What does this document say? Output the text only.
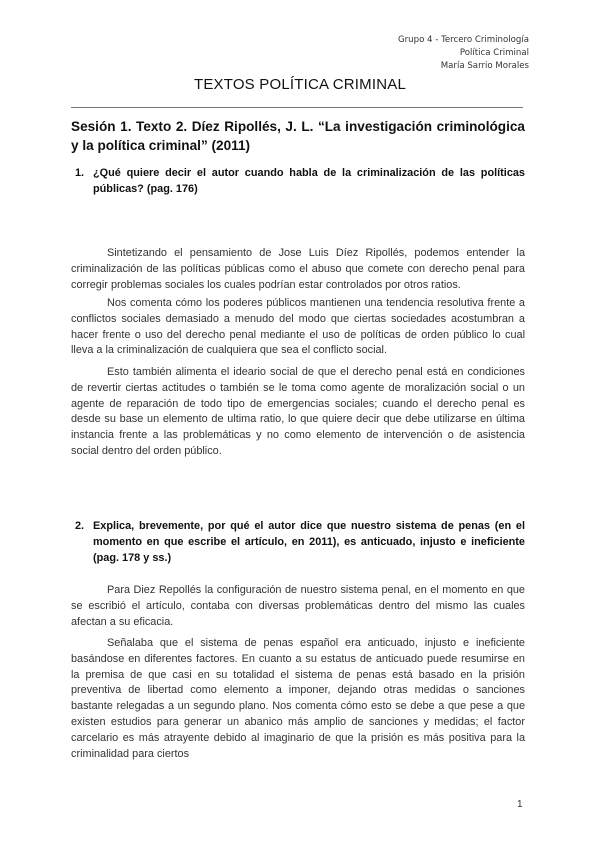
Grupo 4 - Tercero Criminología
Política Criminal
María Sarrio Morales
TEXTOS POLÍTICA CRIMINAL
Sesión 1. Texto 2. Díez Ripollés, J. L. “La investigación criminológica y la política criminal” (2011)
1. ¿Qué quiere decir el autor cuando habla de la criminalización de las políticas públicas? (pag. 176)
Sintetizando el pensamiento de Jose Luis Díez Ripollés, podemos entender la criminalización de las políticas públicas como el abuso que comete con derecho penal para corregir problemas sociales los cuales podrían estar controlados por otros ratios.
Nos comenta cómo los poderes públicos mantienen una tendencia resolutiva frente a conflictos sociales demasiado a menudo del modo que ciertas sociedades acostumbran a hacer frente o uso del derecho penal mediante el uso de políticas de orden público lo cual lleva a la criminalización de cualquiera que sea el conflicto social.
Esto también alimenta el ideario social de que el derecho penal está en condiciones de revertir ciertas actitudes o también se le toma como agente de moralización social o un agente de reparación de todo tipo de emergencias sociales; cuando el derecho penal es desde su base un elemento de ultima ratio, lo que quiere decir que debe utilizarse en última instancia frente a las problemáticas y no como elemento de intervención o de asistencia social dentro del orden público.
2. Explica, brevemente, por qué el autor dice que nuestro sistema de penas (en el momento en que escribe el artículo, en 2011), es anticuado, injusto e ineficiente (pag. 178 y ss.)
Para Diez Repollés la configuración de nuestro sistema penal, en el momento en que se escribió el artículo, contaba con diversas problemáticas dentro del mismo las cuales afectan a su eficacia.
Señalaba que el sistema de penas español era anticuado, injusto e ineficiente basándose en diferentes factores. En cuanto a su estatus de anticuado puede resumirse en la premisa de que casi en su totalidad el sistema de penas está basado en la prisión preventiva de libertad como elemento a imponer, dejando otras medidas o sanciones bastante relegadas a un segundo plano. Nos comenta cómo esto se debe a que pese a que existen estudios para generar un abanico más amplio de sanciones y medidas; el factor carcelario es más atrayente debido al imaginario de que la prisión es más positiva para la criminalidad para ciertos
1
